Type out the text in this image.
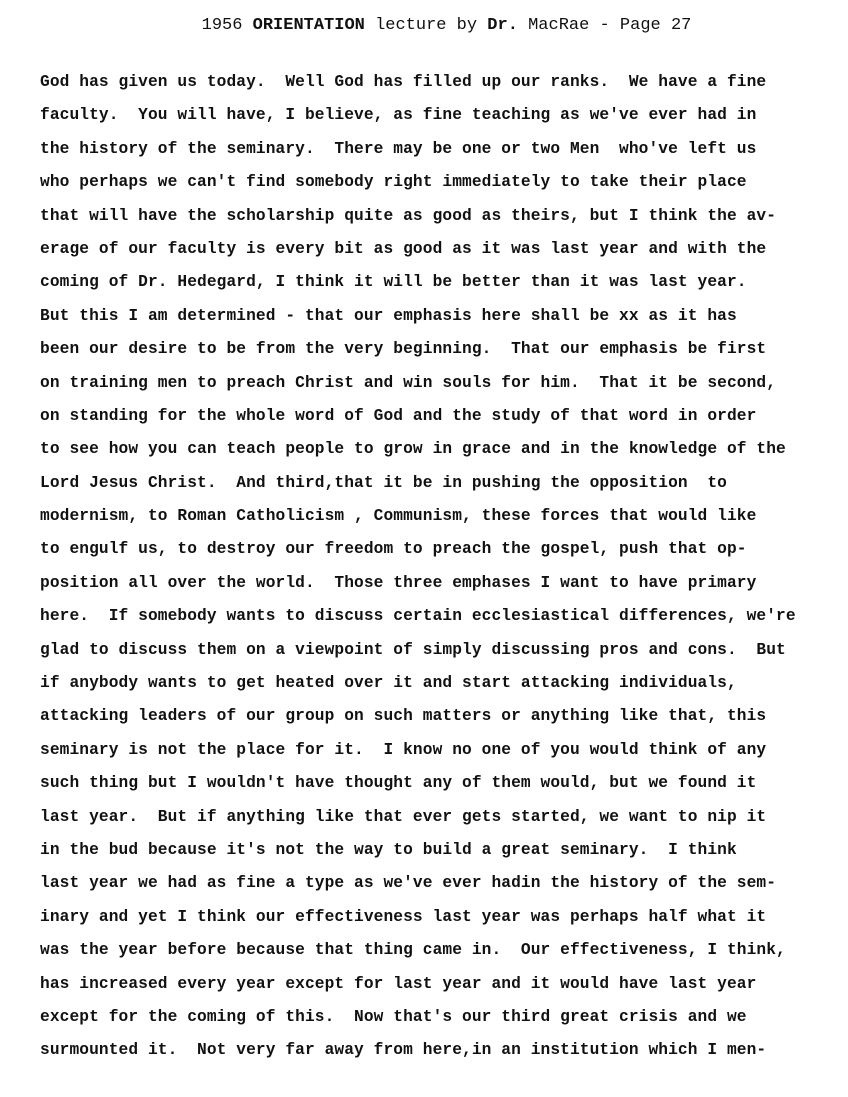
1956 ORIENTATION lecture by Dr. MacRae - Page 27
God has given us today.  Well God has filled up our ranks.  We have a fine
faculty.  You will have, I believe, as fine teaching as we've ever had in
the history of the seminary.  There may be one or two Men  who've left us
who perhaps we can't find somebody right immediately to take their place
that will have the scholarship quite as good as theirs, but I think the av-
erage of our faculty is every bit as good as it was last year and with the
coming of Dr. Hedegard, I think it will be better than it was last year.
But this I am determined - that our emphasis here shall be xx as it has
been our desire to be from the very beginning.  That our emphasis be first
on training men to preach Christ and win souls for him.  That it be second,
on standing for the whole word of God and the study of that word in order
to see how you can teach people to grow in grace and in the knowledge of the
Lord Jesus Christ.  And third,that it be in pushing the opposition  to
modernism, to Roman Catholicism , Communism, these forces that would like
to engulf us, to destroy our freedom to preach the gospel, push that op-
position all over the world.  Those three emphases I want to have primary
here.  If somebody wants to discuss certain ecclesiastical differences, we're
glad to discuss them on a viewpoint of simply discussing pros and cons.  But
if anybody wants to get heated over it and start attacking individuals,
attacking leaders of our group on such matters or anything like that, this
seminary is not the place for it.  I know no one of you would think of any
such thing but I wouldn't have thought any of them would, but we found it
last year.  But if anything like that ever gets started, we want to nip it
in the bud because it's not the way to build a great seminary.  I think
last year we had as fine a type as we've ever hadin the history of the sem-
inary and yet I think our effectiveness last year was perhaps half what it
was the year before because that thing came in.  Our effectiveness, I think,
has increased every year except for last year and it would have last year
except for the coming of this.  Now that's our third great crisis and we
surmounted it.  Not very far away from here,in an institution which I men-
